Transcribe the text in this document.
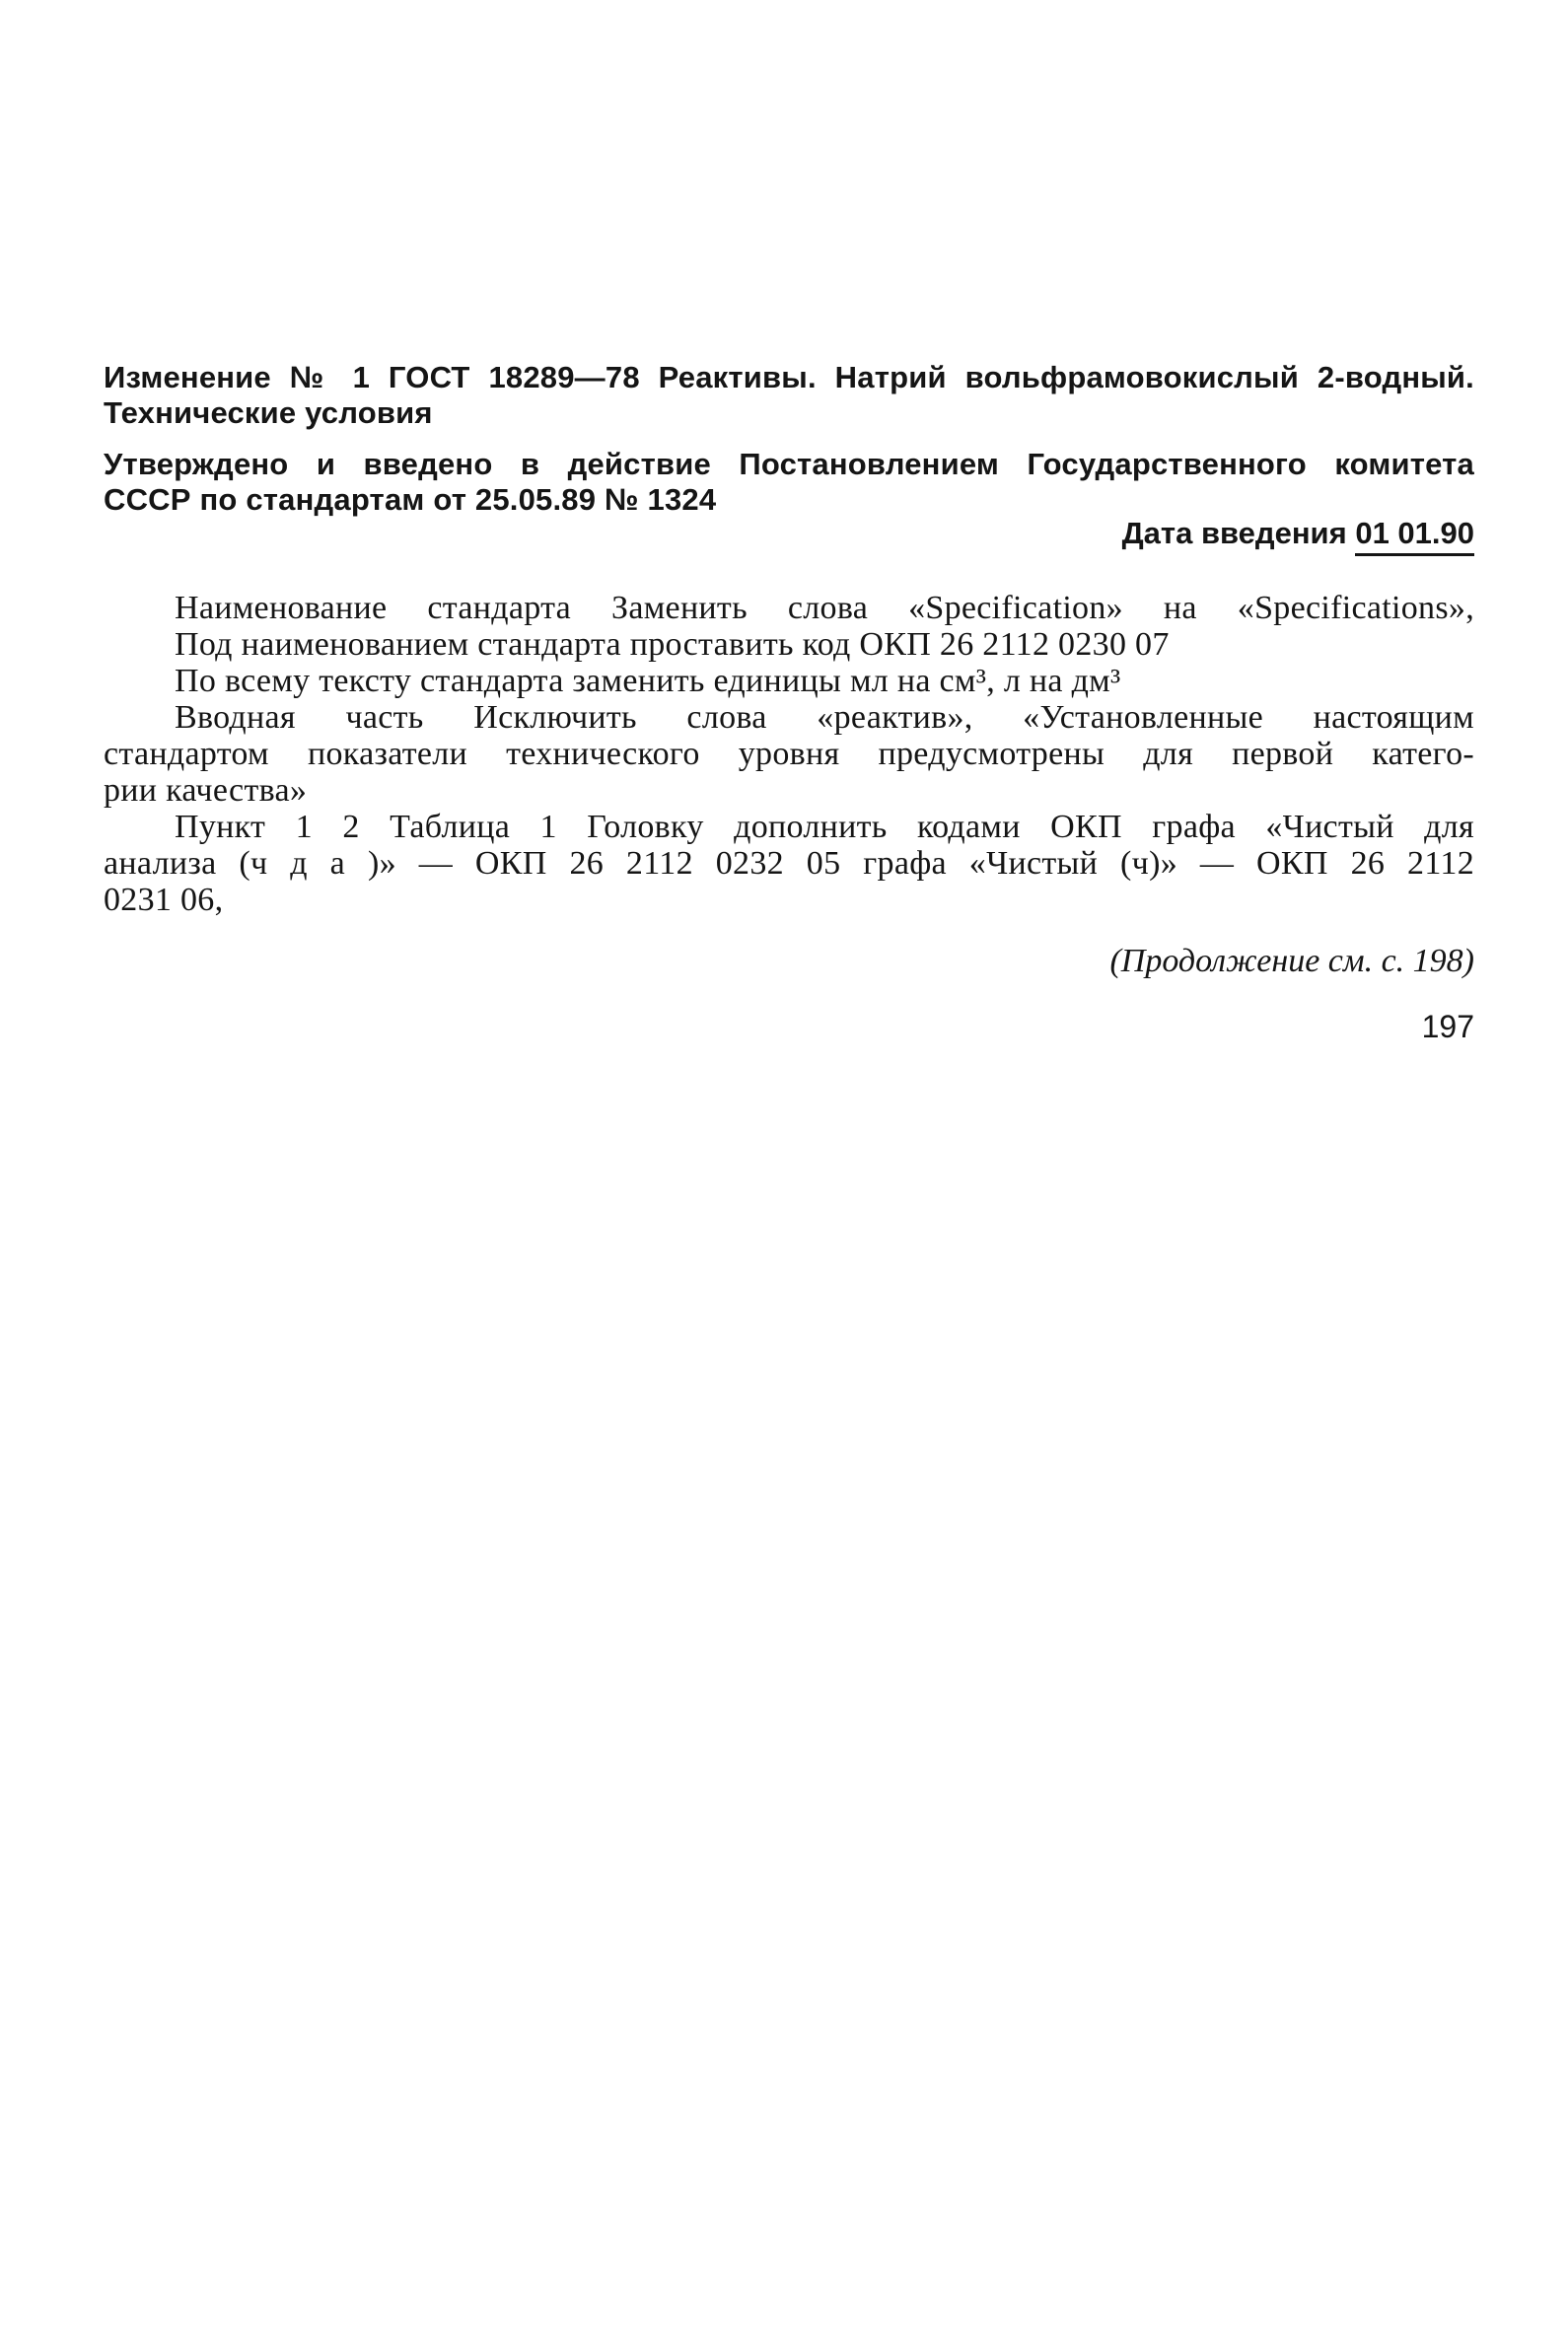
Изменение № 1 ГОСТ 18289—78 Реактивы. Натрий вольфрамовокислый 2-водный.
Технические условия
Утверждено и введено в действие Постановлением Государственного комитета
СССР по стандартам от 25.05.89 № 1324
Дата введения 01 01.90
Наименование стандарта Заменить слова «Specification» на «Specifications»,
Под наименованием стандарта проставить код ОКП 26 2112 0230 07
По всему тексту стандарта заменить единицы мл на см³, л на дм³
Вводная часть Исключить слова «реактив», «Установленные настоящим
стандартом показатели технического уровня предусмотрены для первой катего-
рии качества»
Пункт 1 2 Таблица 1 Головку дополнить кодами ОКП графа «Чистый для
анализа (ч д а )» — ОКП 26 2112 0232 05 графа «Чистый (ч)» — ОКП 26 2112
0231 06,
(Продолжение см. с. 198)
197
